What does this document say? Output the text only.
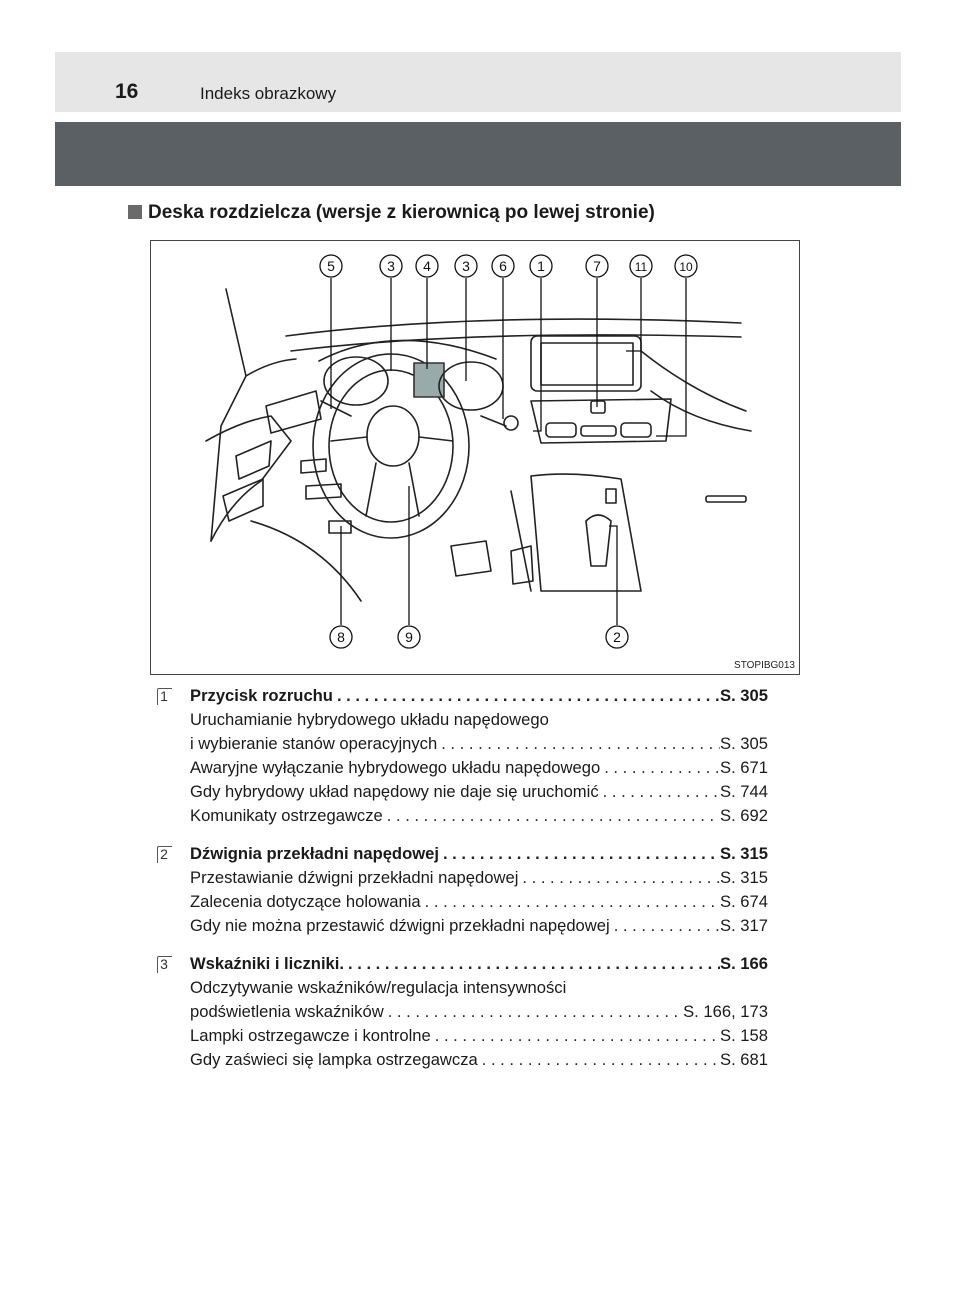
16	Indeks obrazkowy
Deska rozdzielcza (wersje z kierownicą po lewej stronie)
5	3 4 3 6 1	7	11	10
8	9	2
STOPIBG013
1 Przycisk rozruchu . . .	S. 305
Uruchamianie hybrydowego układu napędowego
i wybieranie stanów operacyjnych . . .	S. 305
Awaryjne wyłączanie hybrydowego układu napędowego . . .	S. 671
Gdy hybrydowy układ napędowy nie daje się uruchomić . . .	S. 744
Komunikaty ostrzegawcze . . .	S. 692
2 Dźwignia przekładni napędowej . . .	S. 315
Przestawianie dźwigni przekładni napędowej . . .	S. 315
Zalecenia dotyczące holowania . . .	S. 674
Gdy nie można przestawić dźwigni przekładni napędowej . . .	S. 317
3 Wskaźniki i liczniki. . . .	S. 166
Odczytywanie wskaźników/regulacja intensywności
podświetlenia wskaźników . . .	S. 166, 173
Lampki ostrzegawcze i kontrolne . . .	S. 158
Gdy zaświeci się lampka ostrzegawcza . . .	S. 681
